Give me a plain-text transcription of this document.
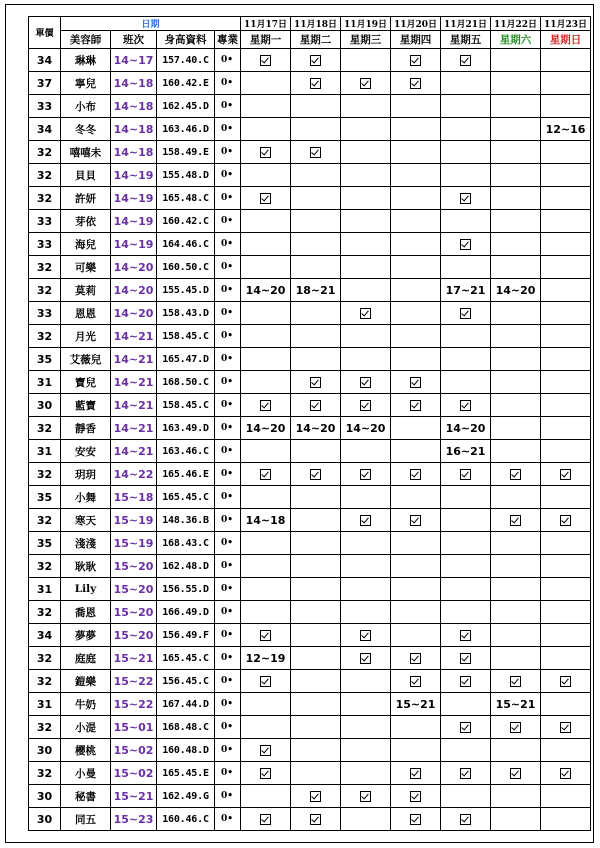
單價	日期				11月17日	11月18日	11月19日	11月20日	11月21日	11月22日	11月23日
	美容師	班次	身高資料	專業	星期一	星期二	星期三	星期四	星期五	星期六	星期日
34	琳琳	14~17	157.40.C	0•							
37	寧兒	14~18	160.42.E	0•							
33	小布	14~18	162.45.D	0•							
34	冬冬	14~18	163.46.D	0•							12~16
32	嘻嘻未	14~18	158.49.E	0•							
32	貝貝	14~19	155.48.D	0•							
32	許妍	14~19	165.48.C	0•							
33	芽依	14~19	160.42.C	0•							
33	海兒	14~19	164.46.C	0•							
32	可樂	14~20	160.50.C	0•							
32	莫莉	14~20	155.45.D	0•	14~20	18~21			17~21	14~20	
33	恩恩	14~20	158.43.D	0•							
32	月光	14~21	158.45.C	0•							
35	艾薇兒	14~21	165.47.D	0•							
31	寶兒	14~21	168.50.C	0•							
30	藍寶	14~21	158.45.C	0•							
32	靜香	14~21	163.49.D	0•	14~20	14~20	14~20		14~20		
31	安安	14~21	163.46.C	0•					16~21		
32	玥玥	14~22	165.46.E	0•							
35	小舞	15~18	165.45.C	0•							
32	寒天	15~19	148.36.B	0•	14~18						
35	淺淺	15~19	168.43.C	0•							
32	耿耿	15~20	162.48.D	0•							
31	Lily	15~20	156.55.D	0•							
32	喬恩	15~20	166.49.D	0•							
34	夢夢	15~20	156.49.F	0•							
32	庭庭	15~21	165.45.C	0•	12~19						
32	鎧樂	15~22	156.45.C	0•							
31	牛奶	15~22	167.44.D	0•				15~21		15~21	
32	小湜	15~01	168.48.C	0•							
30	櫻桃	15~02	160.48.D	0•							
32	小曼	15~02	165.45.E	0•							
30	秘書	15~21	162.49.G	0•							
30	同五	15~23	160.46.C	0•							
